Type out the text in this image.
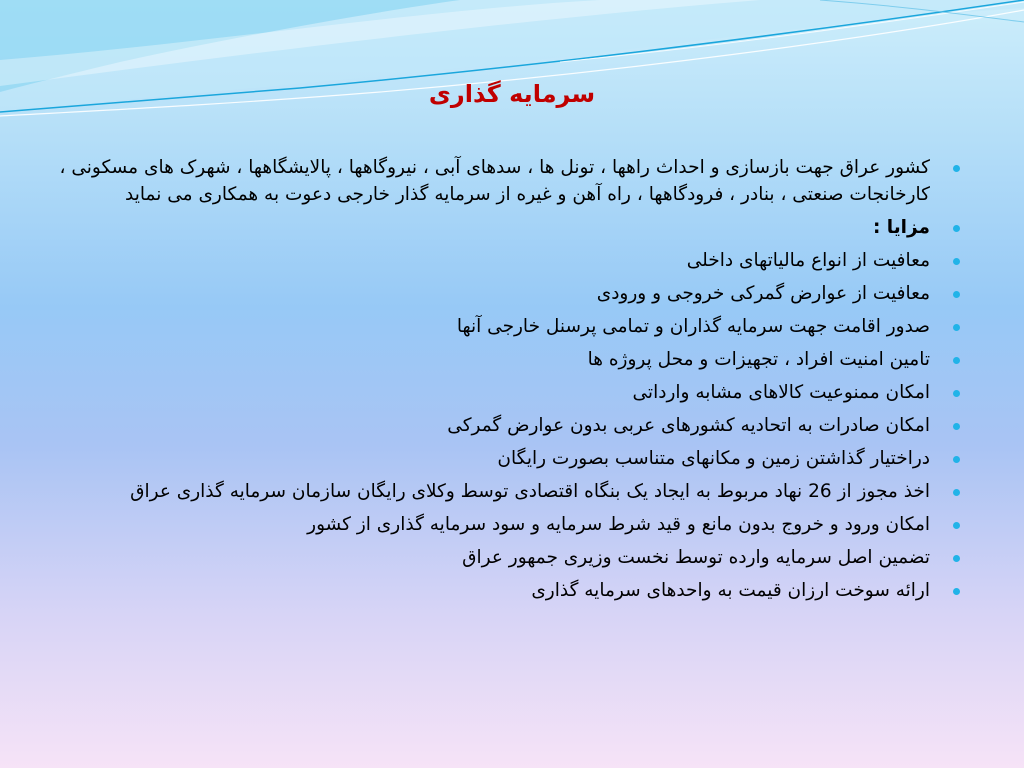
سرمایه گذاری
کشور عراق جهت بازسازی و احداث راهها ، تونل ها ، سدهای آبی ، نیروگاهها ، پالایشگاهها ، شهرک های مسکونی ، کارخانجات صنعتی ، بنادر ، فرودگاهها ، راه آهن و غیره از سرمایه گذار خارجی دعوت به همکاری می نماید
مزایا :
معافیت از انواع مالیاتهای داخلی
معافیت از عوارض گمرکی خروجی و ورودی
صدور اقامت جهت سرمایه گذاران و تمامی پرسنل خارجی آنها
تامین امنیت افراد ، تجهیزات و محل پروژه ها
امکان ممنوعیت کالاهای مشابه وارداتی
امکان صادرات به اتحادیه کشورهای عربی بدون عوارض گمرکی
دراختیار گذاشتن زمین و مکانهای متناسب بصورت رایگان
اخذ مجوز از 26 نهاد مربوط به ایجاد یک بنگاه اقتصادی توسط وکلای رایگان سازمان سرمایه گذاری عراق
امکان ورود و خروج بدون مانع و قید شرط سرمایه و سود سرمایه گذاری از کشور
تضمین اصل سرمایه وارده توسط نخست وزیری جمهور عراق
ارائه سوخت ارزان قیمت به واحدهای سرمایه گذاری
